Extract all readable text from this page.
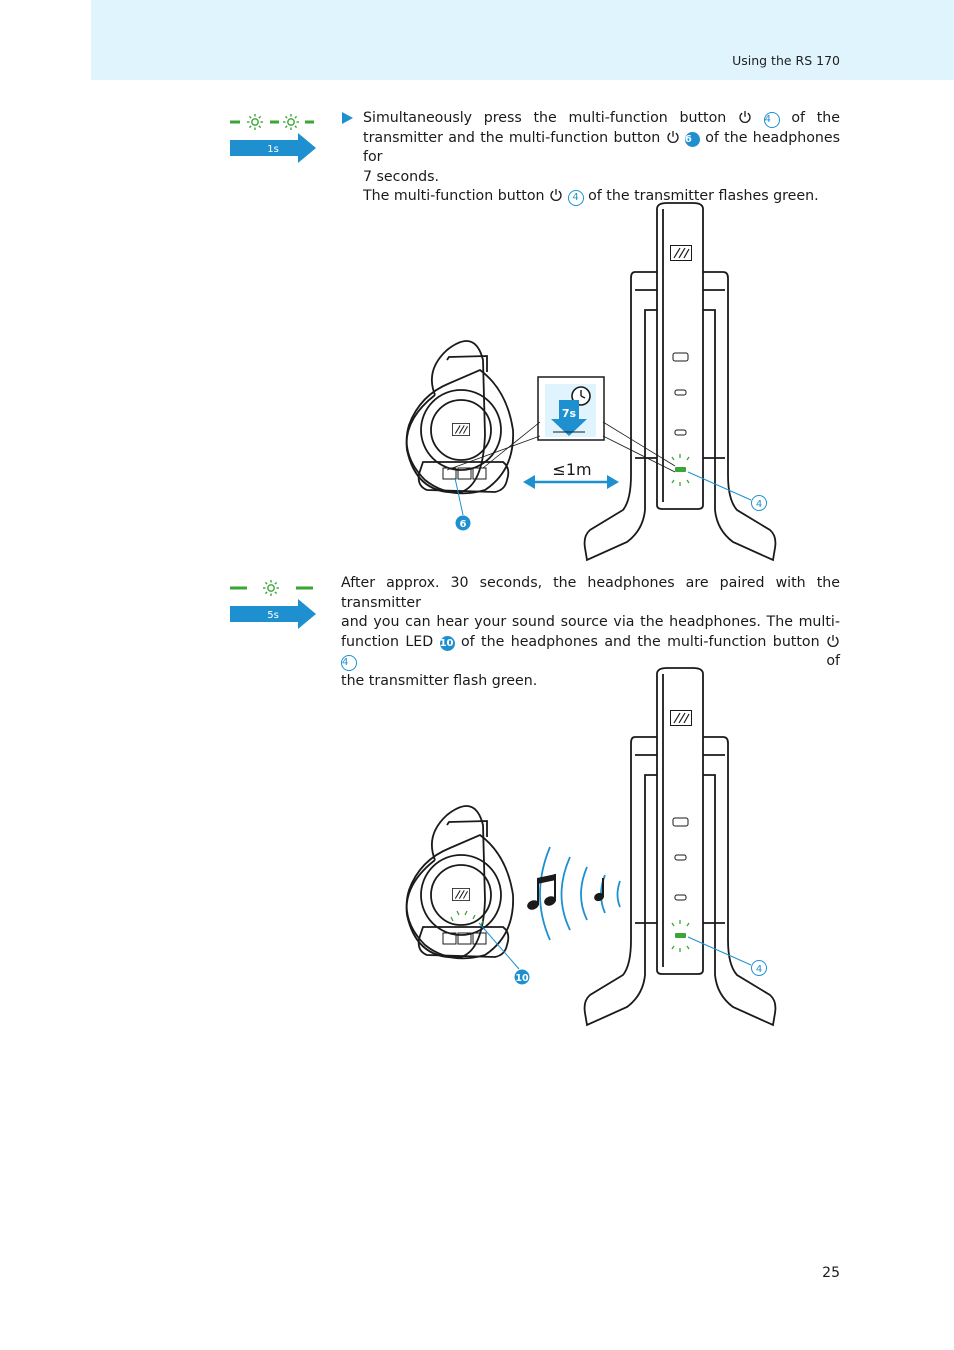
Using the RS 170
1s
Simultaneously press the multi-function button	4 of the
transmitter and the multi-function button 6 of the headphones for
7 seconds.
The multi-function button	4 of the transmitter flashes green.
7s
≤1m
6
4
5s
After approx. 30 seconds, the headphones are paired with the transmitter
and you can hear your sound source via the headphones. The multi-
function LED 10 of the headphones and the multi-function button  4	of
the transmitter flash green.
10
4
25
